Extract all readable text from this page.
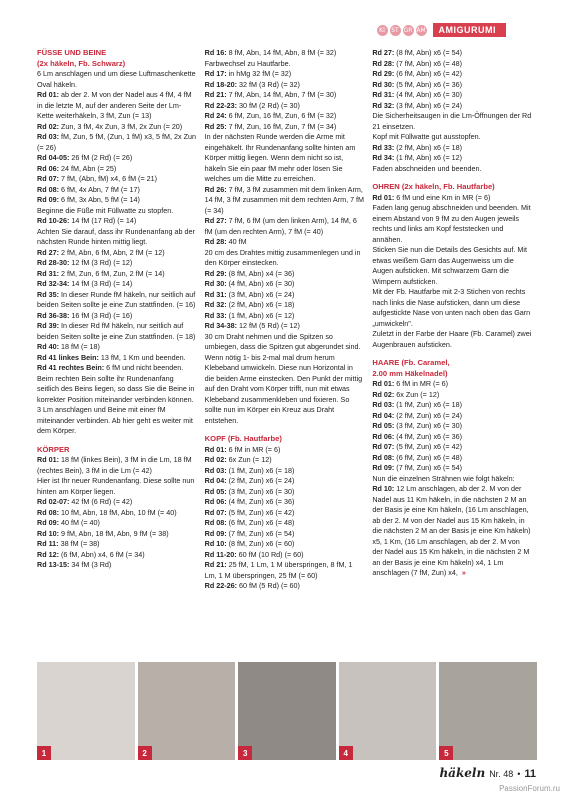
KI	ST GR AM	AMIGURUMI

FÜSSE UND BEINE

(2x häkeln, Fb. Schwarz)

6 Lm anschlagen und um diese Luftmaschenkette Oval häkeln.

Rd 01: ab der 2. M von der Nadel aus 4 fM, 4 fM in die letzte M, auf der anderen Seite der Lm-Kette weiterhäkeln, 3 fM, Zun (= 13)

Rd 02: Zun, 3 fM, 4x Zun, 3 fM, 2x Zun (= 20)

Rd 03: fM, Zun, 5 fM, (Zun, 1 fM) x3, 5 fM, 2x Zun (= 26)

Rd 04-05: 26 fM (2 Rd) (= 26)

Rd 06: 24 fM, Abn (= 25)

Rd 07: 7 fM, (Abn, fM) x4, 6 fM (= 21)

Rd 08: 6 fM, 4x Abn, 7 fM (= 17)

Rd 09: 6 fM, 3x Abn, 5 fM (= 14)

Beginne die Füße mit Füllwatte zu stopfen.

Rd 10-26: 14 fM (17 Rd) (= 14)

Achten Sie darauf, dass ihr Rundenanfang ab der nächsten Runde hinten mittig liegt.

Rd 27: 2 fM, Abn, 6 fM, Abn, 2 fM (= 12)

Rd 28-30: 12 fM (3 Rd) (= 12)

Rd 31: 2 fM, Zun, 6 fM, Zun, 2 fM (= 14)

Rd 32-34: 14 fM (3 Rd) (= 14)

Rd 35: In dieser Runde fM häkeln, nur seitlich auf beiden Seiten sollte je eine Zun stattfinden. (= 16)

Rd 36-38: 16 fM (3 Rd) (= 16)

Rd 39: In dieser Rd fM häkeln, nur seitlich auf beiden Seiten sollte je eine Zun stattfinden. (= 18)

Rd 40: 18 fM (= 18)

Rd 41 linkes Bein: 13 fM, 1 Km und beenden.

Rd 41 rechtes Bein: 6 fM und nicht beenden.

Beim rechten Bein sollte ihr Rundenanfang seitlich des Beins liegen, so dass Sie die Beine in korrekter Position miteinander verbinden können. 3 Lm anschlagen und Beine mit einer fM miteinander verbinden. Ab hier geht es weiter mit dem Körper.

KÖRPER

Rd 01: 18 fM (linkes Bein), 3 fM in die Lm, 18 fM (rechtes Bein), 3 fM in die Lm (= 42)

Hier ist Ihr neuer Rundenanfang. Diese sollte nun hinten am Körper liegen.

Rd 02-07: 42 fM (6 Rd) (= 42)

Rd 08: 10 fM, Abn, 18 fM, Abn, 10 fM (= 40)

Rd 09: 40 fM (= 40)

Rd 10: 9 fM, Abn, 18 fM, Abn, 9 fM (= 38)

Rd 11: 38 fM (= 38)

Rd 12: (6 fM, Abn) x4, 6 fM (= 34)

Rd 13-15: 34 fM (3 Rd)

Rd 16: 8 fM, Abn, 14 fM, Abn, 8 fM (= 32)

Farbwechsel zu Hautfarbe.

Rd 17: in hMg 32 fM (= 32)

Rd 18-20: 32 fM (3 Rd) (= 32)

Rd 21: 7 fM, Abn, 14 fM, Abn, 7 fM (= 30)

Rd 22-23: 30 fM (2 Rd) (= 30)

Rd 24: 6 fM, Zun, 16 fM, Zun, 6 fM (= 32)

Rd 25: 7 fM, Zun, 16 fM, Zun, 7 fM (= 34)

In der nächsten Runde werden die Arme mit eingehäkelt. Ihr Rundenanfang sollte hinten am Körper mittig liegen. Wenn dem nicht so ist, häkeln Sie ein paar fM mehr oder lösen Sie welches um die Mitte zu erreichen.

Rd 26: 7 fM, 3 fM zusammen mit dem linken Arm, 14 fM, 3 fM zusammen mit dem rechten Arm, 7 fM (= 34)

Rd 27: 7 fM, 6 fM (um den linken Arm), 14 fM, 6 fM (um den rechten Arm), 7 fM (= 40)

Rd 28: 40 fM

20 cm des Drahtes mittig zusammenlegen und in den Körper einstecken.

Rd 29: (8 fM, Abn) x4 (= 36)

Rd 30: (4 fM, Abn) x6 (= 30)

Rd 31: (3 fM, Abn) x6 (= 24)

Rd 32: (2 fM, Abn) x6 (= 18)

Rd 33: (1 fM, Abn) x6 (= 12)

Rd 34-38: 12 fM (5 Rd) (= 12)

30 cm Draht nehmen und die Spitzen so umbiegen, dass die Spitzen gut abgerundet sind. Wenn nötig 1- bis 2-mal mal drum herum Klebeband umwickeln. Diese nun Horizontal in die beiden Arme einstecken. Den Punkt der mittig auf den Draht vom Körper trifft, nun mit etwas Klebeband zusammenkleben und fixieren. So sollte nun im Körper ein Kreuz aus Draht entstehen.

KOPF (Fb. Hautfarbe)

Rd 01: 6 fM in MR (= 6)

Rd 02: 6x Zun (= 12)

Rd 03: (1 fM, Zun) x6 (= 18)

Rd 04: (2 fM, Zun) x6 (= 24)

Rd 05: (3 fM, Zun) x6 (= 30)

Rd 06: (4 fM, Zun) x6 (= 36)

Rd 07: (5 fM, Zun) x6 (= 42)

Rd 08: (6 fM, Zun) x6 (= 48)

Rd 09: (7 fM, Zun) x6 (= 54)

Rd 10: (8 fM, Zun) x6 (= 60)

Rd 11-20: 60 fM (10 Rd) (= 60)

Rd 21: 25 fM, 1 Lm, 1 M überspringen, 8 fM, 1 Lm, 1 M überspringen, 25 fM (= 60)

Rd 22-26: 60 fM (5 Rd) (= 60)

Rd 27: (8 fM, Abn) x6 (= 54)

Rd 28: (7 fM, Abn) x6 (= 48)

Rd 29: (6 fM, Abn) x6 (= 42)

Rd 30: (5 fM, Abn) x6 (= 36)

Rd 31: (4 fM, Abn) x6 (= 30)

Rd 32: (3 fM, Abn) x6 (= 24)

Die Sicherheitsaugen in die Lm-Öffnungen der Rd 21 einsetzen.

Kopf mit Füllwatte gut ausstopfen.

Rd 33: (2 fM, Abn) x6 (= 18)

Rd 34: (1 fM, Abn) x6 (= 12)

Faden abschneiden und beenden.

OHREN (2x häkeln, Fb. Hautfarbe)

Rd 01: 6 fM und eine Km in MR (= 6)

Faden lang genug abschneiden und beenden. Mit einem Abstand von 9 fM zu den Augen jeweils rechts und links am Kopf feststecken und annähen.

Sticken Sie nun die Details des Gesichts auf. Mit etwas weißem Garn das Augenweiss um die Augen aufsticken. Mit schwarzem Garn die Wimpern aufsticken.

Mit der Fb. Hautfarbe mit 2-3 Stichen von rechts nach links die Nase aufsticken, dann um diese aufgestickte Nase von unten nach oben das Garn „umwickeln".

Zuletzt in der Farbe der Haare (Fb. Caramel) zwei Augenbrauen aufsticken.

HAARE (Fb. Caramel,

2.00 mm Häkelnadel)

Rd 01: 6 fM in MR (= 6)

Rd 02: 6x Zun (= 12)

Rd 03: (1 fM, Zun) x6 (= 18)

Rd 04: (2 fM, Zun) x6 (= 24)

Rd 05: (3 fM, Zun) x6 (= 30)

Rd 06: (4 fM, Zun) x6 (= 36)

Rd 07: (5 fM, Zun) x6 (= 42)

Rd 08: (6 fM, Zun) x6 (= 48)

Rd 09: (7 fM, Zun) x6 (= 54)

Nun die einzelnen Strähnen wie folgt häkeln:

Rd 10: 12 Lm anschlagen, ab der 2. M von der Nadel aus 11 Km häkeln, in die nächsten 2 M an der Basis je eine Km häkeln, (16 Lm anschlagen, ab der 2. M von der Nadel aus 15 Km häkeln, in die nächsten 2 M an der Basis je eine Km häkeln) x5, 1 Km, (16 Lm anschlagen, ab der 2. M von der Nadel aus 15 Km häkeln, in die nächsten 2 M an der Basis je eine Km häkeln) x4, 1 Lm anschlagen (7 fM, Zun) x4, »

1	2	3	4	5
häkeln Nr. 48 • 11
PassionForum.ru
